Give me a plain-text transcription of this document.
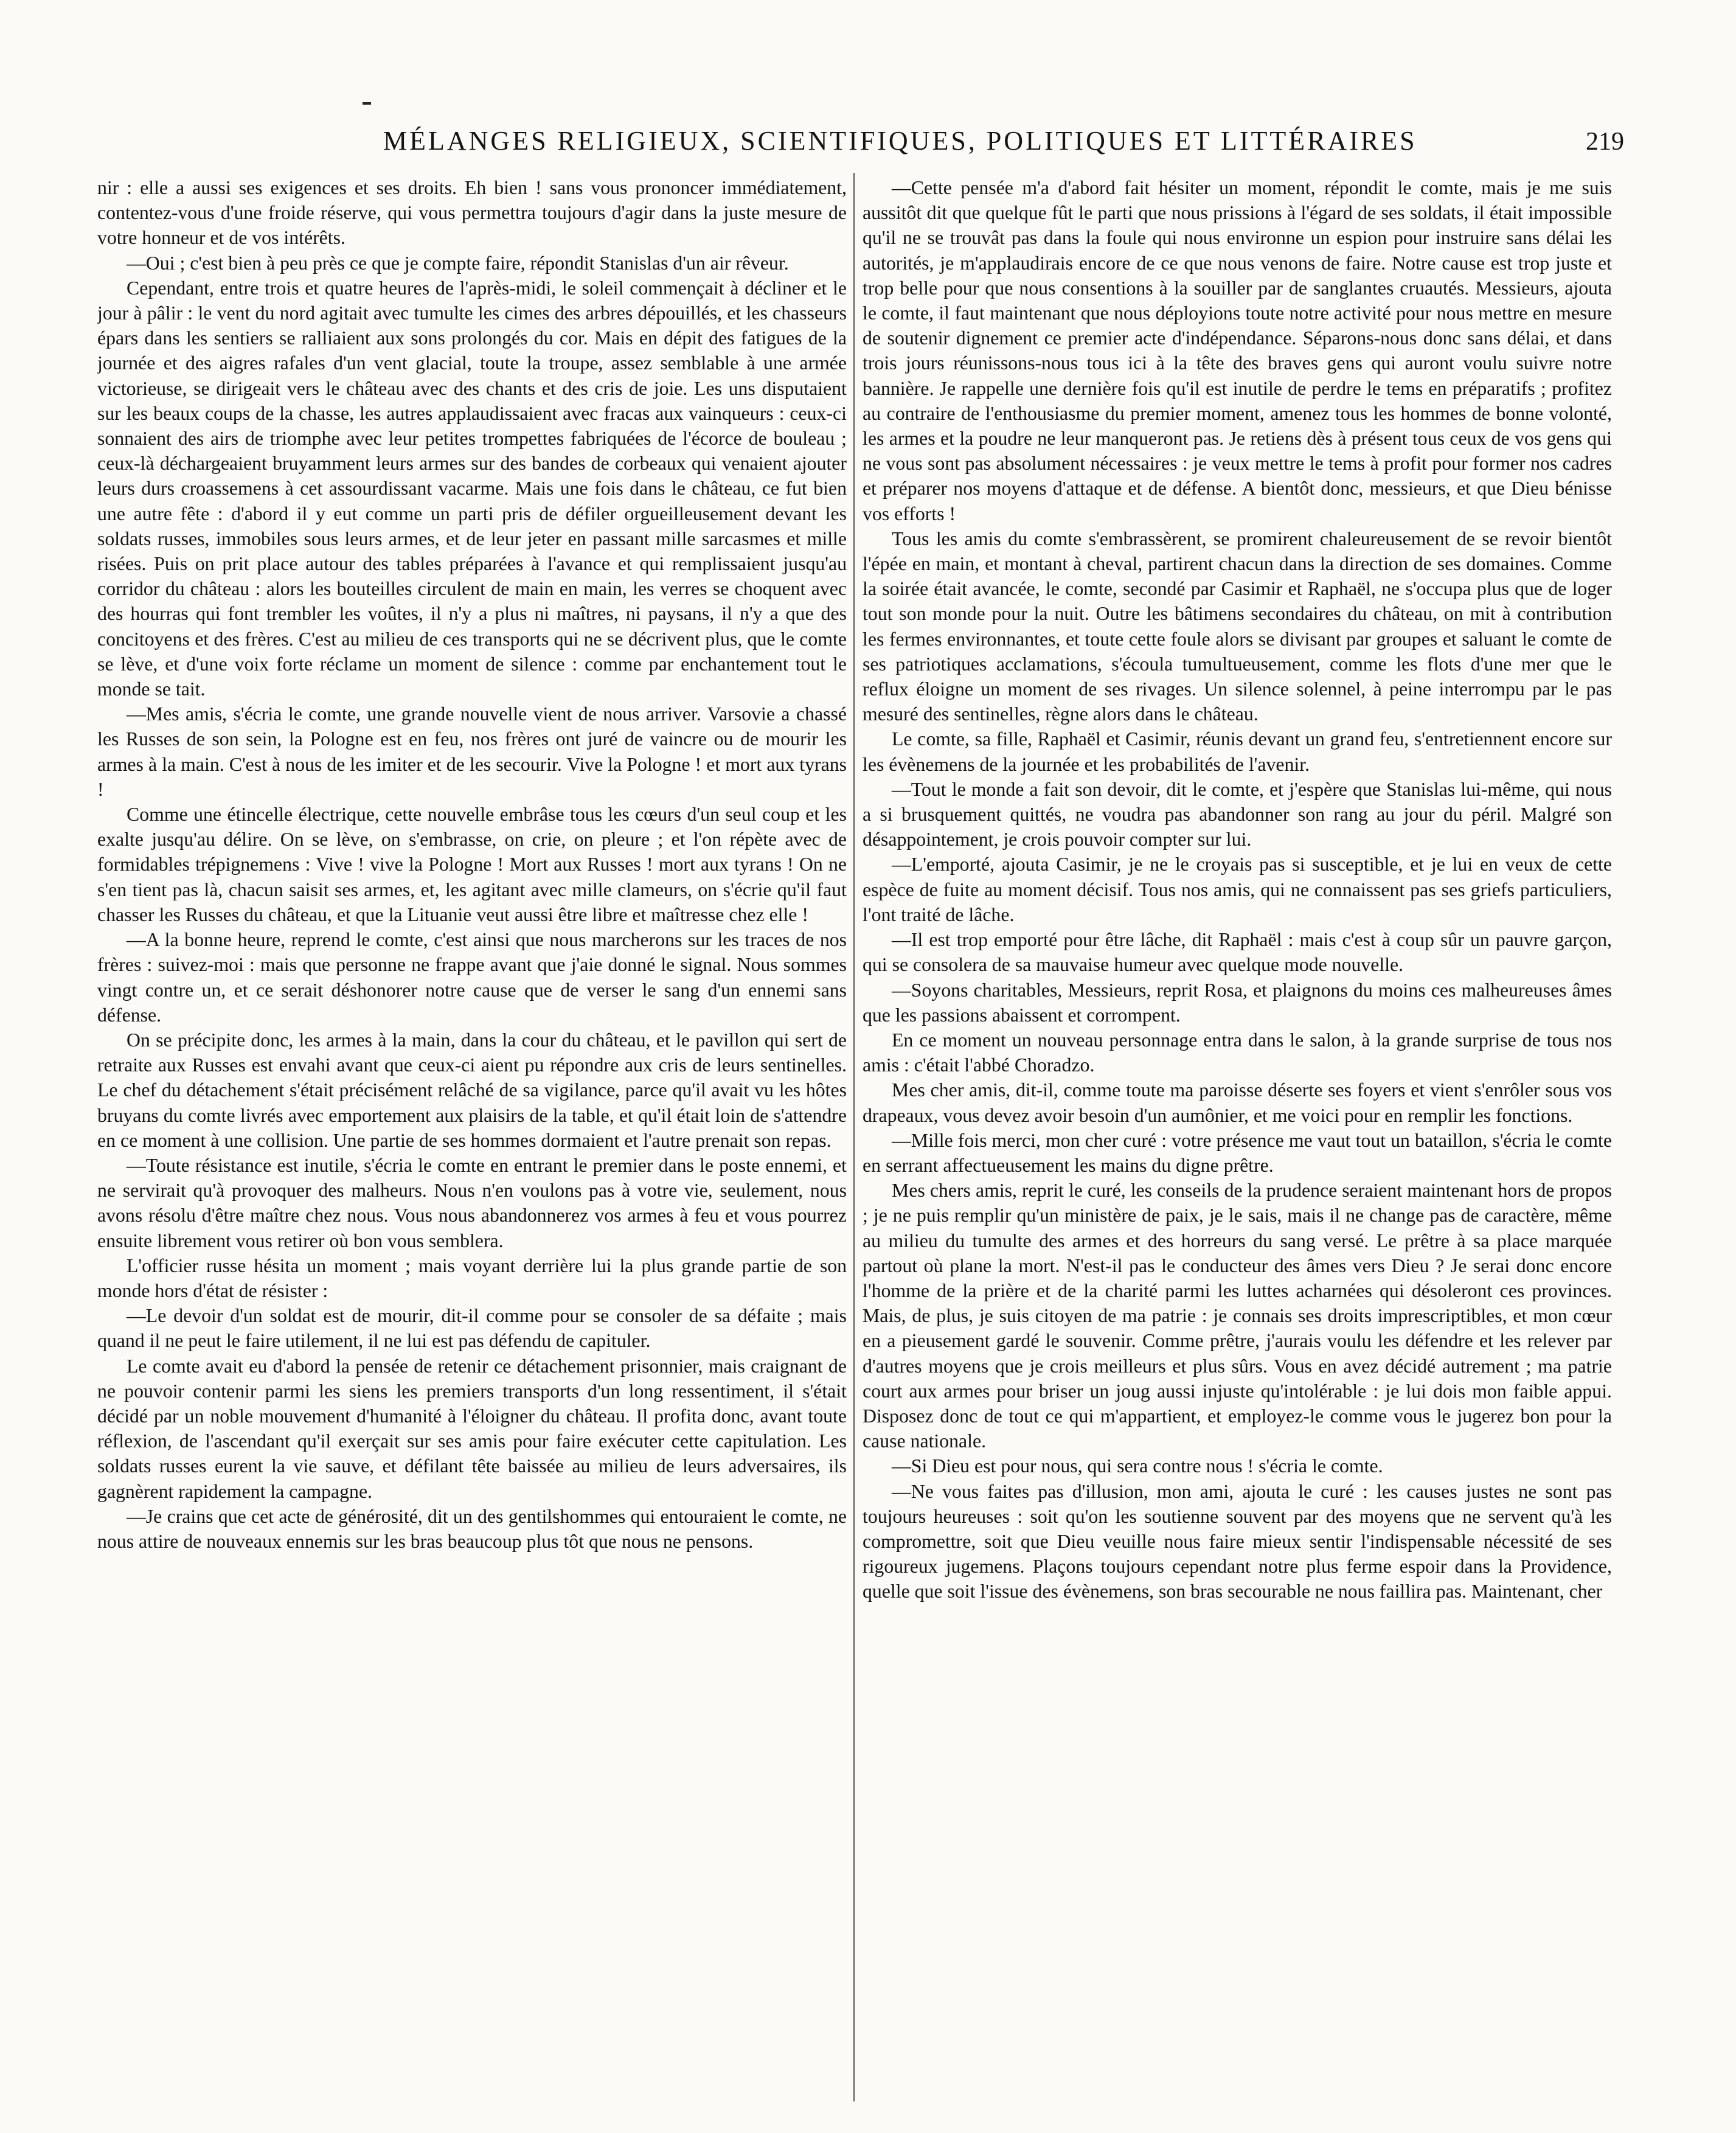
MÉLANGES RELIGIEUX, SCIENTIFIQUES, POLITIQUES ET LITTÉRAIRES	219

nir : elle a aussi ses exigences et ses droits. Eh bien ! sans vous prononcer immédiatement, contentez-vous d'une froide réserve, qui vous permettra toujours d'agir dans la juste mesure de votre honneur et de vos intérêts.

—Oui ; c'est bien à peu près ce que je compte faire, répondit Stanislas d'un air rêveur.

Cependant, entre trois et quatre heures de l'après-midi, le soleil commençait à décliner et le jour à pâlir : le vent du nord agitait avec tumulte les cimes des arbres dépouillés, et les chasseurs épars dans les sentiers se ralliaient aux sons prolongés du cor. Mais en dépit des fatigues de la journée et des aigres rafales d'un vent glacial, toute la troupe, assez semblable à une armée victorieuse, se dirigeait vers le château avec des chants et des cris de joie. Les uns disputaient sur les beaux coups de la chasse, les autres applaudissaient avec fracas aux vainqueurs : ceux-ci sonnaient des airs de triomphe avec leur petites trompettes fabriquées de l'écorce de bouleau ; ceux-là déchargeaient bruyamment leurs armes sur des bandes de corbeaux qui venaient ajouter leurs durs croassemens à cet assourdissant vacarme. Mais une fois dans le château, ce fut bien une autre fête : d'abord il y eut comme un parti pris de défiler orgueilleusement devant les soldats russes, immobiles sous leurs armes, et de leur jeter en passant mille sarcasmes et mille risées. Puis on prit place autour des tables préparées à l'avance et qui remplissaient jusqu'au corridor du château : alors les bouteilles circulent de main en main, les verres se choquent avec des hourras qui font trembler les voûtes, il n'y a plus ni maîtres, ni paysans, il n'y a que des concitoyens et des frères. C'est au milieu de ces transports qui ne se décrivent plus, que le comte se lève, et d'une voix forte réclame un moment de silence : comme par enchantement tout le monde se tait.

—Mes amis, s'écria le comte, une grande nouvelle vient de nous arriver. Varsovie a chassé les Russes de son sein, la Pologne est en feu, nos frères ont juré de vaincre ou de mourir les armes à la main. C'est à nous de les imiter et de les secourir. Vive la Pologne ! et mort aux tyrans !

Comme une étincelle électrique, cette nouvelle embrâse tous les cœurs d'un seul coup et les exalte jusqu'au délire. On se lève, on s'embrasse, on crie, on pleure ; et l'on répète avec de formidables trépignemens : Vive ! vive la Pologne ! Mort aux Russes ! mort aux tyrans ! On ne s'en tient pas là, chacun saisit ses armes, et, les agitant avec mille clameurs, on s'écrie qu'il faut chasser les Russes du château, et que la Lituanie veut aussi être libre et maîtresse chez elle !

—A la bonne heure, reprend le comte, c'est ainsi que nous marcherons sur les traces de nos frères : suivez-moi : mais que personne ne frappe avant que j'aie donné le signal. Nous sommes vingt contre un, et ce serait déshonorer notre cause que de verser le sang d'un ennemi sans défense.

On se précipite donc, les armes à la main, dans la cour du château, et le pavillon qui sert de retraite aux Russes est envahi avant que ceux-ci aient pu répondre aux cris de leurs sentinelles. Le chef du détachement s'était précisément relâché de sa vigilance, parce qu'il avait vu les hôtes bruyans du comte livrés avec emportement aux plaisirs de la table, et qu'il était loin de s'attendre en ce moment à une collision. Une partie de ses hommes dormaient et l'autre prenait son repas.

—Toute résistance est inutile, s'écria le comte en entrant le premier dans le poste ennemi, et ne servirait qu'à provoquer des malheurs. Nous n'en voulons pas à votre vie, seulement, nous avons résolu d'être maître chez nous. Vous nous abandonnerez vos armes à feu et vous pourrez ensuite librement vous retirer où bon vous semblera.

L'officier russe hésita un moment ; mais voyant derrière lui la plus grande partie de son monde hors d'état de résister :

—Le devoir d'un soldat est de mourir, dit-il comme pour se consoler de sa défaite ; mais quand il ne peut le faire utilement, il ne lui est pas défendu de capituler.

Le comte avait eu d'abord la pensée de retenir ce détachement prisonnier, mais craignant de ne pouvoir contenir parmi les siens les premiers transports d'un long ressentiment, il s'était décidé par un noble mouvement d'humanité à l'éloigner du château. Il profita donc, avant toute réflexion, de l'ascendant qu'il exerçait sur ses amis pour faire exécuter cette capitulation. Les soldats russes eurent la vie sauve, et défilant tête baissée au milieu de leurs adversaires, ils gagnèrent rapidement la campagne.

—Je crains que cet acte de générosité, dit un des gentilshommes qui entouraient le comte, ne nous attire de nouveaux ennemis sur les bras beaucoup plus tôt que nous ne pensons.

—Cette pensée m'a d'abord fait hésiter un moment, répondit le comte, mais je me suis aussitôt dit que quelque fût le parti que nous prissions à l'égard de ses soldats, il était impossible qu'il ne se trouvât pas dans la foule qui nous environne un espion pour instruire sans délai les autorités, je m'applaudirais encore de ce que nous venons de faire. Notre cause est trop juste et trop belle pour que nous consentions à la souiller par de sanglantes cruautés. Messieurs, ajouta le comte, il faut maintenant que nous déployions toute notre activité pour nous mettre en mesure de soutenir dignement ce premier acte d'indépendance. Séparons-nous donc sans délai, et dans trois jours réunissons-nous tous ici à la tête des braves gens qui auront voulu suivre notre bannière. Je rappelle une dernière fois qu'il est inutile de perdre le tems en préparatifs ; profitez au contraire de l'enthousiasme du premier moment, amenez tous les hommes de bonne volonté, les armes et la poudre ne leur manqueront pas. Je retiens dès à présent tous ceux de vos gens qui ne vous sont pas absolument nécessaires : je veux mettre le tems à profit pour former nos cadres et préparer nos moyens d'attaque et de défense. A bientôt donc, messieurs, et que Dieu bénisse vos efforts !

Tous les amis du comte s'embrassèrent, se promirent chaleureusement de se revoir bientôt l'épée en main, et montant à cheval, partirent chacun dans la direction de ses domaines. Comme la soirée était avancée, le comte, secondé par Casimir et Raphaël, ne s'occupa plus que de loger tout son monde pour la nuit. Outre les bâtimens secondaires du château, on mit à contribution les fermes environnantes, et toute cette foule alors se divisant par groupes et saluant le comte de ses patriotiques acclamations, s'écoula tumultueusement, comme les flots d'une mer que le reflux éloigne un moment de ses rivages. Un silence solennel, à peine interrompu par le pas mesuré des sentinelles, règne alors dans le château.

Le comte, sa fille, Raphaël et Casimir, réunis devant un grand feu, s'entretiennent encore sur les évènemens de la journée et les probabilités de l'avenir.

—Tout le monde a fait son devoir, dit le comte, et j'espère que Stanislas lui-même, qui nous a si brusquement quittés, ne voudra pas abandonner son rang au jour du péril. Malgré son désappointement, je crois pouvoir compter sur lui.

—L'emporté, ajouta Casimir, je ne le croyais pas si susceptible, et je lui en veux de cette espèce de fuite au moment décisif. Tous nos amis, qui ne connaissent pas ses griefs particuliers, l'ont traité de lâche.

—Il est trop emporté pour être lâche, dit Raphaël : mais c'est à coup sûr un pauvre garçon, qui se consolera de sa mauvaise humeur avec quelque mode nouvelle.

—Soyons charitables, Messieurs, reprit Rosa, et plaignons du moins ces malheureuses âmes que les passions abaissent et corrompent.

En ce moment un nouveau personnage entra dans le salon, à la grande surprise de tous nos amis : c'était l'abbé Choradzo.

Mes cher amis, dit-il, comme toute ma paroisse déserte ses foyers et vient s'enrôler sous vos drapeaux, vous devez avoir besoin d'un aumônier, et me voici pour en remplir les fonctions.

—Mille fois merci, mon cher curé : votre présence me vaut tout un bataillon, s'écria le comte en serrant affectueusement les mains du digne prêtre.

Mes chers amis, reprit le curé, les conseils de la prudence seraient maintenant hors de propos ; je ne puis remplir qu'un ministère de paix, je le sais, mais il ne change pas de caractère, même au milieu du tumulte des armes et des horreurs du sang versé. Le prêtre à sa place marquée partout où plane la mort. N'est-il pas le conducteur des âmes vers Dieu ? Je serai donc encore l'homme de la prière et de la charité parmi les luttes acharnées qui désoleront ces provinces. Mais, de plus, je suis citoyen de ma patrie : je connais ses droits imprescriptibles, et mon cœur en a pieusement gardé le souvenir. Comme prêtre, j'aurais voulu les défendre et les relever par d'autres moyens que je crois meilleurs et plus sûrs. Vous en avez décidé autrement ; ma patrie court aux armes pour briser un joug aussi injuste qu'intolérable : je lui dois mon faible appui. Disposez donc de tout ce qui m'appartient, et employez-le comme vous le jugerez bon pour la cause nationale.

—Si Dieu est pour nous, qui sera contre nous ! s'écria le comte.

—Ne vous faites pas d'illusion, mon ami, ajouta le curé : les causes justes ne sont pas toujours heureuses : soit qu'on les soutienne souvent par des moyens que ne servent qu'à les compromettre, soit que Dieu veuille nous faire mieux sentir l'indispensable nécessité de ses rigoureux jugemens. Plaçons toujours cependant notre plus ferme espoir dans la Providence, quelle que soit l'issue des évènemens, son bras secourable ne nous faillira pas. Maintenant, cher
